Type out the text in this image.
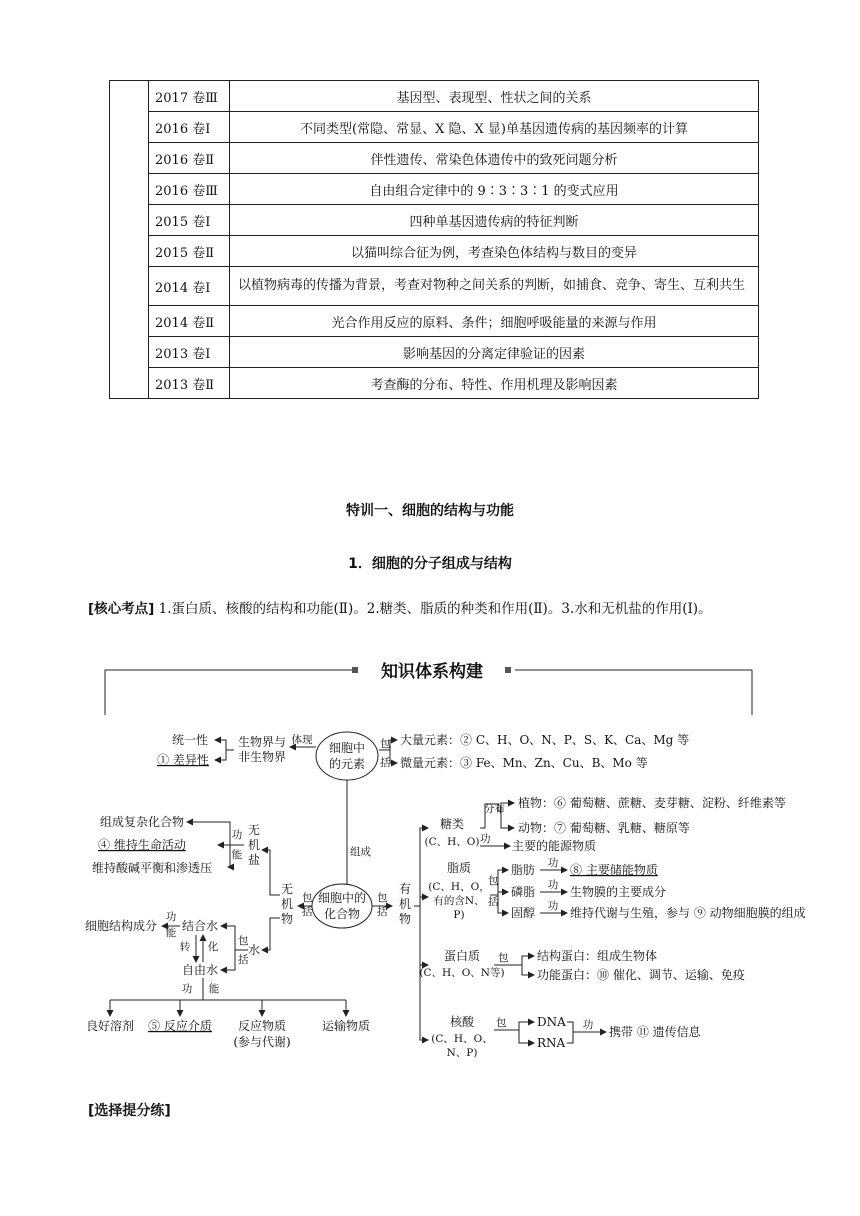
	2017 卷Ⅲ	基因型、表现型、性状之间的关系
	2016 卷Ⅰ	不同类型(常隐、常显、X 隐、X 显)单基因遗传病的基因频率的计算
	2016 卷Ⅱ	伴性遗传、常染色体遗传中的致死问题分析
	2016 卷Ⅲ	自由组合定律中的 9∶3∶3∶1 的变式应用
	2015 卷Ⅰ	四种单基因遗传病的特征判断
	2015 卷Ⅱ	以猫叫综合征为例，考查染色体结构与数目的变异
	2014 卷Ⅰ	以植物病毒的传播为背景，考查对物种之间关系的判断，如捕食、竞争、寄生、互利共生
	2014 卷Ⅱ	光合作用反应的原料、条件；细胞呼吸能量的来源与作用
	2013 卷Ⅰ	影响基因的分离定律验证的因素
	2013 卷Ⅱ	考查酶的分布、特性、作用机理及影响因素
特训一、细胞的结构与功能
1．细胞的分子组成与结构
[核心考点] 1.蛋白质、核酸的结构和功能(Ⅱ)。2.糖类、脂质的种类和作用(Ⅱ)。3.水和无机盐的作用(Ⅰ)。
知识体系构建
细胞中
的元素
体现
生物界与
非生物界
统一性
① 差异性
包
括
大量元素：② C、H、O、N、P、S、K、Ca、Mg 等
微量元素：③ Fe、Mn、Zn、Cu、B、Mo 等
组成
细胞中的
化合物
包
括
包
括
无
机
物
无
机
盐
功
能
组成复杂化合物
④ 维持生命活动
维持酸碱平衡和渗透压
水
包
括
结合水
自由水
转 化
功
能
细胞结构成分
功 能
良好溶剂 ⑤ 反应介质 反应物质
(参与代谢)
运输物质
有
机
物
糖类
(C、H、O)
分布 植物：⑥ 葡萄糖、蔗糖、麦芽糖、淀粉、纤维素等
动物：⑦ 葡萄糖、乳糖、糖原等
功 主要的能源物质
脂质
(C、H、O，
有的含N、
P)
包
括
脂肪
磷脂
固醇
功
功
功
⑧ 主要储能物质
生物膜的主要成分
维持代谢与生殖，参与 ⑨ 动物细胞膜的组成
蛋白质
(C、H、O、N等)
包 结构蛋白：组成生物体
功能蛋白：⑩ 催化、调节、运输、免疫
核酸
(C、H、O、
N、P)
包	DNA
RNA
功 携带 ⑪ 遗传信息
[选择提分练]
